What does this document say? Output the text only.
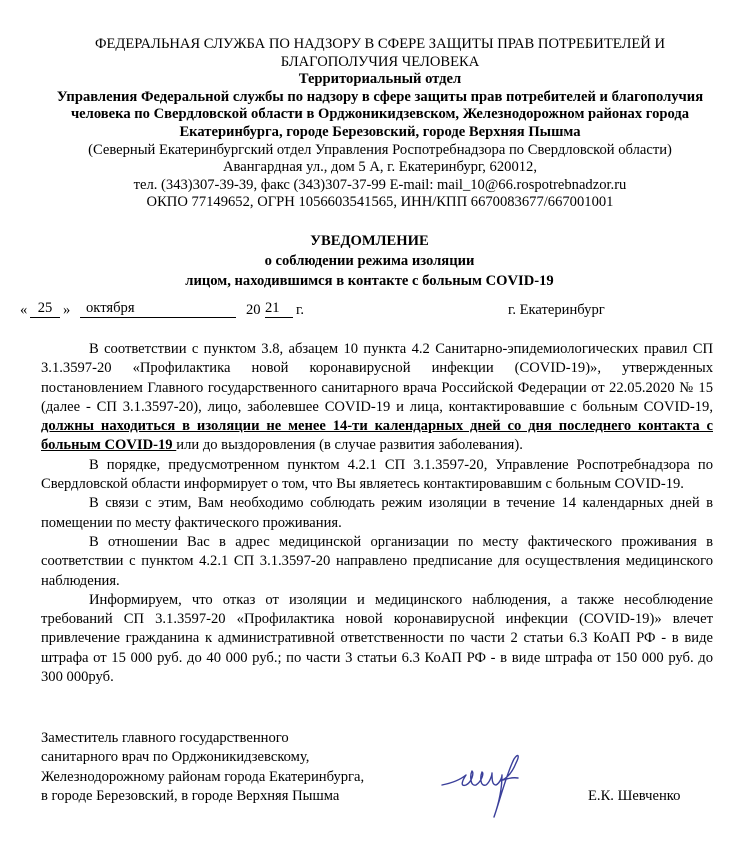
ФЕДЕРАЛЬНАЯ СЛУЖБА ПО НАДЗОРУ В СФЕРЕ ЗАЩИТЫ ПРАВ ПОТРЕБИТЕЛЕЙ И
БЛАГОПОЛУЧИЯ ЧЕЛОВЕКА
Территориальный отдел
Управления Федеральной службы по надзору в сфере защиты прав потребителей и благополучия
человека по Свердловской области в Орджоникидзевском, Железнодорожном районах города
Екатеринбурга, городе Березовский, городе Верхняя Пышма
(Северный Екатеринбургский отдел Управления Роспотребнадзора по Свердловской области)
Авангардная ул., дом 5 А, г. Екатеринбург, 620012,
тел. (343)307-39-39, факс (343)307-37-99 E-mail: mail_10@66.rospotrebnadzor.ru
ОКПО 77149652, ОГРН 1056603541565, ИНН/КПП 6670083677/667001001
УВЕДОМЛЕНИЕ
о соблюдении режима изоляции
лицом, находившимся в контакте с больным COVID-19
« 25 »	октября	20 21	г.	г. Екатеринбург

В соответствии с пунктом 3.8, абзацем 10 пункта 4.2 Санитарно-эпидемиологических правил СП 3.1.3597-20 «Профилактика новой коронавирусной инфекции (COVID-19)», утвержденных постановлением Главного государственного санитарного врача Российской Федерации от 22.05.2020 № 15 (далее - СП 3.1.3597-20), лицо, заболевшее COVID-19 и лица, контактировавшие с больным COVID-19, должны находиться в изоляции не менее 14-ти календарных дней со дня последнего контакта с больным COVID-19 или до выздоровления (в случае развития заболевания).

В порядке, предусмотренном пунктом 4.2.1 СП 3.1.3597-20, Управление Роспотребнадзора по Свердловской области информирует о том, что Вы являетесь контактировавшим с больным COVID-19.

В связи с этим, Вам необходимо соблюдать режим изоляции в течение 14 календарных дней в помещении по месту фактического проживания.

В отношении Вас в адрес медицинской организации по месту фактического проживания в соответствии с пунктом 4.2.1 СП 3.1.3597-20 направлено предписание для осуществления медицинского наблюдения.

Информируем, что отказ от изоляции и медицинского наблюдения, а также несоблюдение требований СП 3.1.3597-20 «Профилактика новой коронавирусной инфекции (COVID-19)» влечет привлечение гражданина к административной ответственности по части 2 статьи 6.3 КоАП РФ - в виде штрафа от 15 000 руб. до 40 000 руб.; по части 3 статьи 6.3 КоАП РФ - в виде штрафа от 150 000 руб. до 300 000руб.

Заместитель главного государственного
санитарного врач по Орджоникидзевскому,
Железнодорожному районам города Екатеринбурга,
в городе Березовский, в городе Верхняя Пышма	Е.К. Шевченко
